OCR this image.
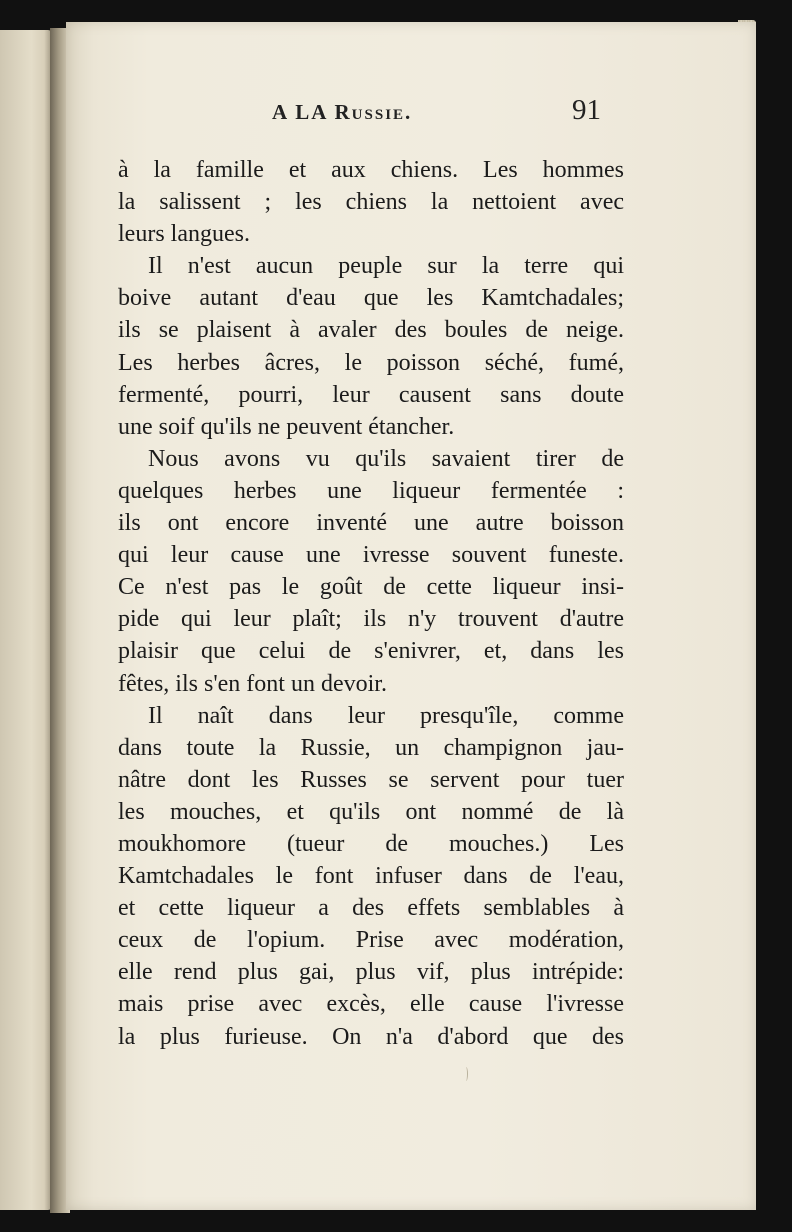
A LA Russie.	91
à la famille et aux chiens. Les hommes
la salissent ; les chiens la nettoient avec
leurs langues.
Il n'est aucun peuple sur la terre qui
boive autant d'eau que les Kamtchadales;
ils se plaisent à avaler des boules de neige.
Les herbes âcres, le poisson séché, fumé,
fermenté, pourri, leur causent sans doute
une soif qu'ils ne peuvent étancher.
Nous avons vu qu'ils savaient tirer de
quelques herbes une liqueur fermentée :
ils ont encore inventé une autre boisson
qui leur cause une ivresse souvent funeste.
Ce n'est pas le goût de cette liqueur insi-
pide qui leur plaît; ils n'y trouvent d'autre
plaisir que celui de s'enivrer, et, dans les
fêtes, ils s'en font un devoir.
Il naît dans leur presqu'île, comme
dans toute la Russie, un champignon jau-
nâtre dont les Russes se servent pour tuer
les mouches, et qu'ils ont nommé de là
moukhomore (tueur de mouches.) Les
Kamtchadales le font infuser dans de l'eau,
et cette liqueur a des effets semblables à
ceux de l'opium. Prise avec modération,
elle rend plus gai, plus vif, plus intrépide:
mais prise avec excès, elle cause l'ivresse
la plus furieuse. On n'a d'abord que des
